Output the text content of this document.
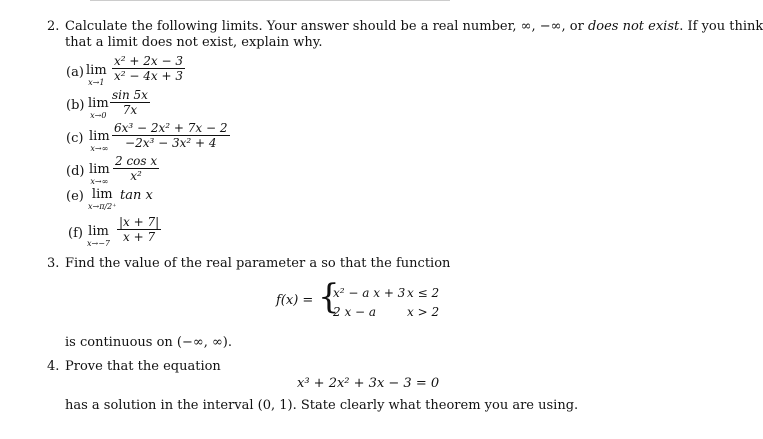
2. Calculate the following limits. Your answer should be a real number, ∞, −∞, or does not exist. If you think
that a limit does not exist, explain why.
(a) lim
x→1
x² + 2x − 3
x² − 4x + 3
(b) lim
x→0
sin 5x
7x
(c) lim
x→∞
6x³ − 2x² + 7x − 2
−2x³ − 3x² + 4
(d) lim
x→∞
2 cos x
x²
(e) lim
x→π/2⁺
tan x
(f) lim
x→−7
|x + 7|
x + 7
3. Find the value of the real parameter a so that the function
f(x) = {
x² − a x + 3 x ≤ 2
2 x − a	x > 2
is continuous on (−∞, ∞).
4. Prove that the equation
x³ + 2x² + 3x − 3 = 0
has a solution in the interval (0, 1). State clearly what theorem you are using.
